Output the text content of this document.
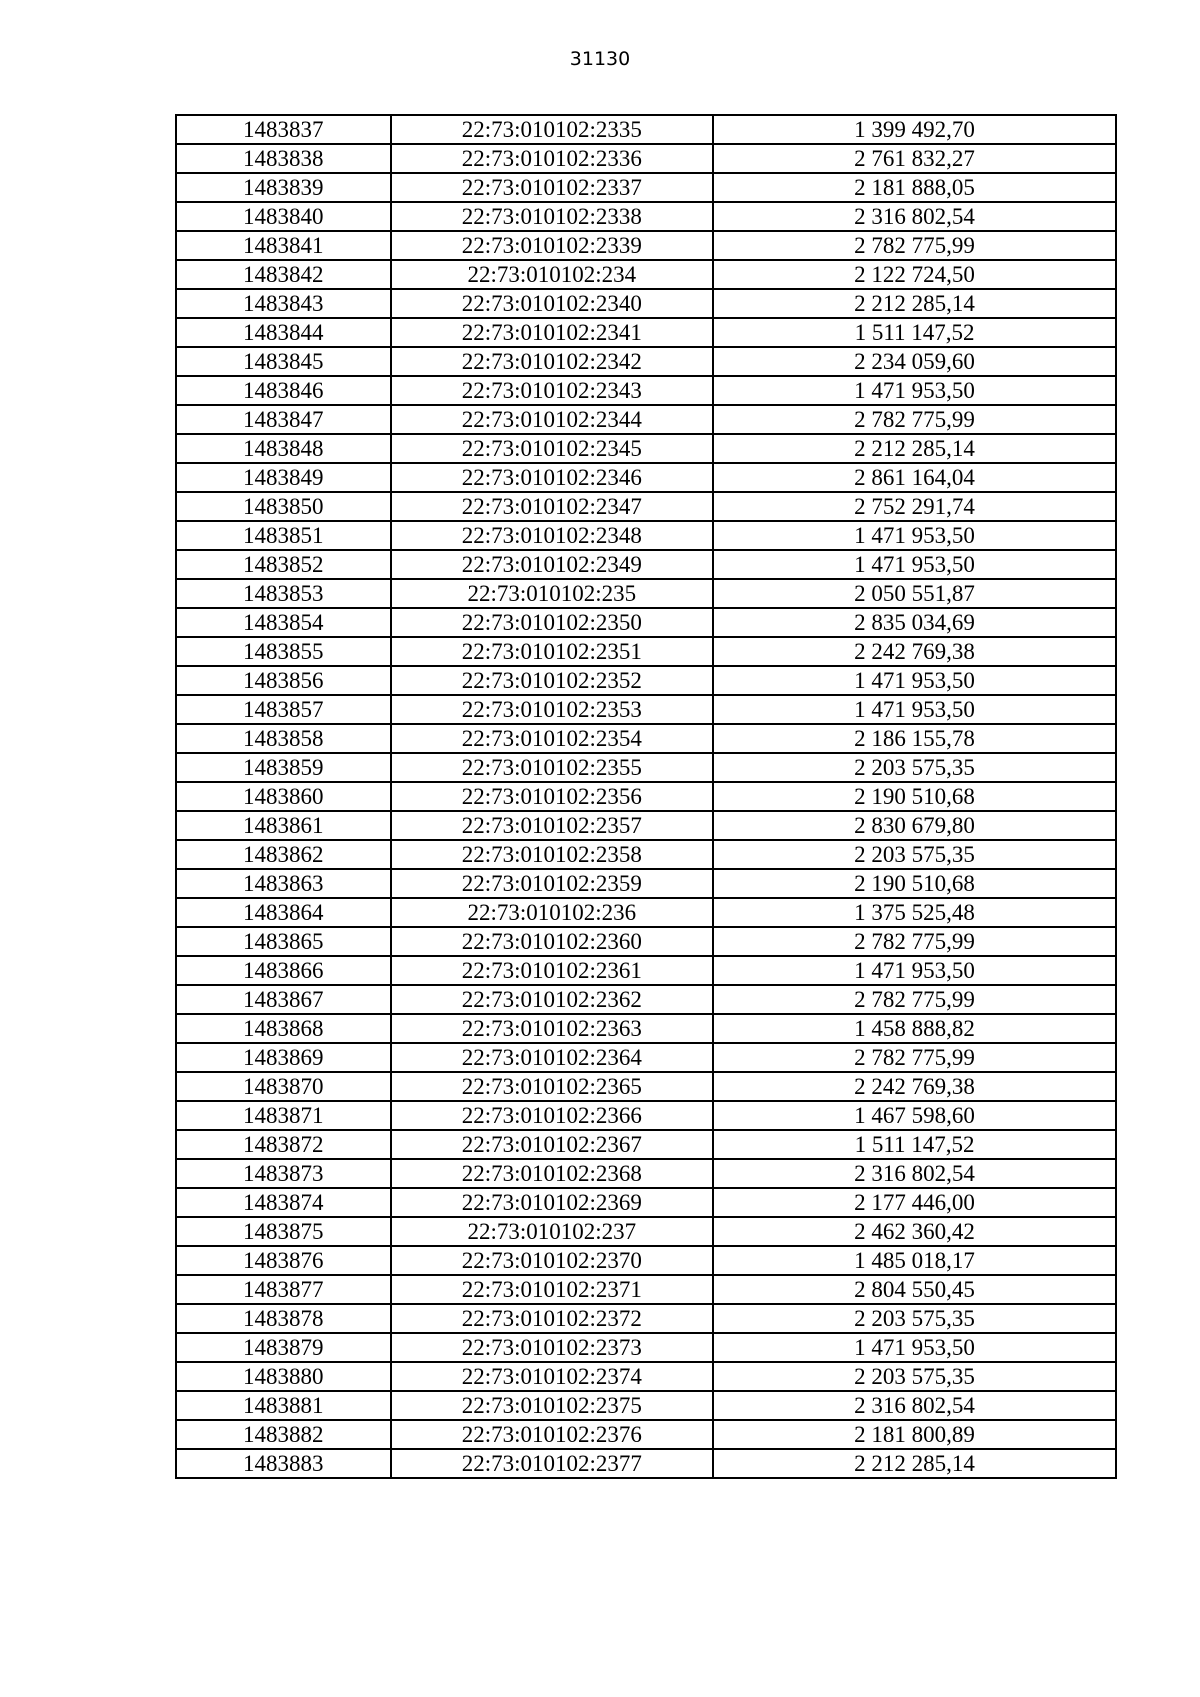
31130
1483837	22:73:010102:2335	1 399 492,70
1483838	22:73:010102:2336	2 761 832,27
1483839	22:73:010102:2337	2 181 888,05
1483840	22:73:010102:2338	2 316 802,54
1483841	22:73:010102:2339	2 782 775,99
1483842	22:73:010102:234	2 122 724,50
1483843	22:73:010102:2340	2 212 285,14
1483844	22:73:010102:2341	1 511 147,52
1483845	22:73:010102:2342	2 234 059,60
1483846	22:73:010102:2343	1 471 953,50
1483847	22:73:010102:2344	2 782 775,99
1483848	22:73:010102:2345	2 212 285,14
1483849	22:73:010102:2346	2 861 164,04
1483850	22:73:010102:2347	2 752 291,74
1483851	22:73:010102:2348	1 471 953,50
1483852	22:73:010102:2349	1 471 953,50
1483853	22:73:010102:235	2 050 551,87
1483854	22:73:010102:2350	2 835 034,69
1483855	22:73:010102:2351	2 242 769,38
1483856	22:73:010102:2352	1 471 953,50
1483857	22:73:010102:2353	1 471 953,50
1483858	22:73:010102:2354	2 186 155,78
1483859	22:73:010102:2355	2 203 575,35
1483860	22:73:010102:2356	2 190 510,68
1483861	22:73:010102:2357	2 830 679,80
1483862	22:73:010102:2358	2 203 575,35
1483863	22:73:010102:2359	2 190 510,68
1483864	22:73:010102:236	1 375 525,48
1483865	22:73:010102:2360	2 782 775,99
1483866	22:73:010102:2361	1 471 953,50
1483867	22:73:010102:2362	2 782 775,99
1483868	22:73:010102:2363	1 458 888,82
1483869	22:73:010102:2364	2 782 775,99
1483870	22:73:010102:2365	2 242 769,38
1483871	22:73:010102:2366	1 467 598,60
1483872	22:73:010102:2367	1 511 147,52
1483873	22:73:010102:2368	2 316 802,54
1483874	22:73:010102:2369	2 177 446,00
1483875	22:73:010102:237	2 462 360,42
1483876	22:73:010102:2370	1 485 018,17
1483877	22:73:010102:2371	2 804 550,45
1483878	22:73:010102:2372	2 203 575,35
1483879	22:73:010102:2373	1 471 953,50
1483880	22:73:010102:2374	2 203 575,35
1483881	22:73:010102:2375	2 316 802,54
1483882	22:73:010102:2376	2 181 800,89
1483883	22:73:010102:2377	2 212 285,14
